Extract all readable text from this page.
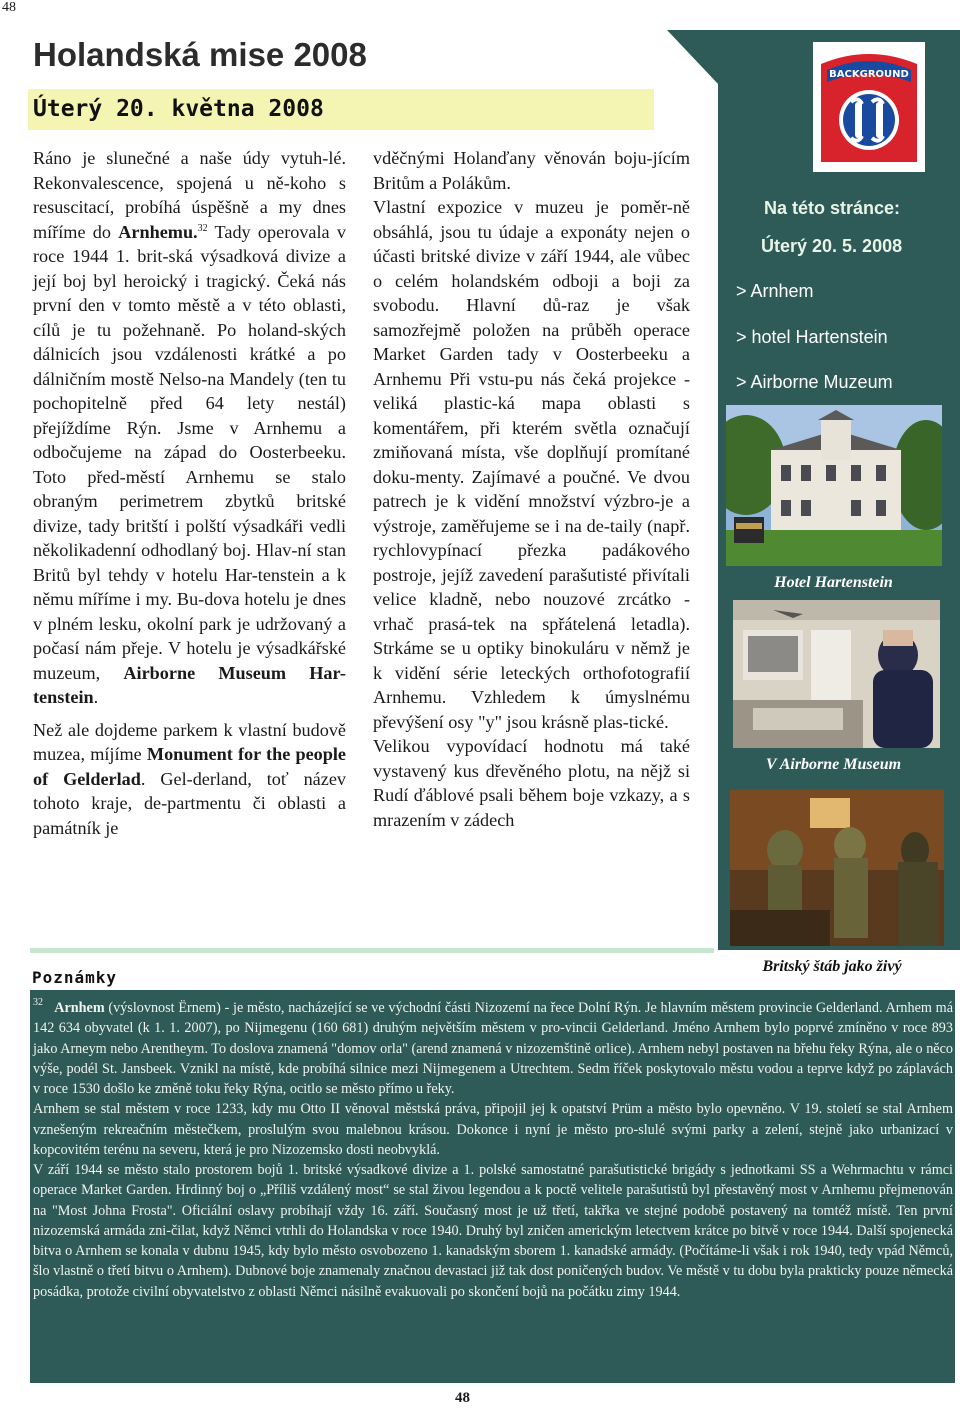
48
Holandská mise 2008
Úterý 20. května 2008

Ráno je slunečné a naše údy vytuh-lé. Rekonvalescence, spojená u ně-koho s resuscitací, probíhá úspěšně a my dnes míříme do Arnhemu.$^{32}$ Tady operovala v roce 1944 1. brit-ská výsadková divize a její boj byl heroický i tragický. Čeká nás první den v tomto městě a v této oblasti, cílů je tu požehnaně. Po holand-ských dálnicích jsou vzdálenosti krátké a po dálničním mostě Nelso-na Mandely (ten tu pochopitelně před 64 lety nestál) přejíždíme Rýn. Jsme v Arnhemu a odbočujeme na západ do Oosterbeeku. Toto před-městí Arnhemu se stalo obraným perimetrem zbytků britské divize, tady britští i polští výsadkáři vedli několikadenní odhodlaný boj. Hlav-ní stan Britů byl tehdy v hotelu Har-tenstein a k němu míříme i my. Bu-dova hotelu je dnes v plném lesku, okolní park je udržovaný a počasí nám přeje. V hotelu je výsadkářské muzeum, Airborne Museum Har-tenstein.

Než ale dojdeme parkem k vlastní budově muzea, míjíme Monument for the people of Gelderlad. Gel-derland, toť název tohoto kraje, de-partmentu či oblasti a památník je

vděčnými Holanďany věnován boju-jícím Britům a Polákům.

Vlastní expozice v muzeu je poměr-ně obsáhlá, jsou tu údaje a exponáty nejen o účasti britské divize v září 1944, ale vůbec o celém holandském odboji a boji za svobodu. Hlavní dů-raz je však samozřejmě položen na průběh operace Market Garden tady v Oosterbeeku a Arnhemu Při vstu-pu nás čeká projekce - veliká plastic-ká mapa oblasti s komentářem, při kterém světla označují zmiňovaná místa, vše doplňují promítané doku-menty. Zajímavé a poučné. Ve dvou patrech je k vidění množství výzbro-je a výstroje, zaměřujeme se i na de-taily (např. rychlovypínací přezka padákového postroje, jejíž zavedení parašutisté přivítali velice kladně, nebo nouzové zrcátko - vrhač prasá-tek na spřátelená letadla). Strkáme se u optiky binokuláru v němž je k vidění série leteckých orthofotografií Arnhemu. Vzhledem k úmyslnému převýšení osy "y" jsou krásně plas-tické.

Velikou vypovídací hodnotu má také vystavený kus dřevěného plotu, na nějž si Rudí ďáblové psali během boje vzkazy, a s mrazením v zádech

BACKGROUND
Na této stránce:
Úterý 20. 5. 2008
> Arnhem
> hotel Hartenstein
> Airborne Muzeum
Hotel Hartenstein
V Airborne Museum
Britský štáb jako živý
Poznámky

$^{32}$ Arnhem (výslovnost Ërnem) - je město, nacházející se ve východní části Nizozemí na řece Dolní Rýn. Je hlavním městem provincie Gelderland. Arnhem má 142 634 obyvatel (k 1. 1. 2007), po Nijmegenu (160 681) druhým největším městem v pro-vincii Gelderland. Jméno Arnhem bylo poprvé zmíněno v roce 893 jako Arneym nebo Arentheym. To doslova znamená "domov orla" (arend znamená v nizozemštině orlice). Arnhem nebyl postaven na břehu řeky Rýna, ale o něco výše, podél St. Jansbeek. Vznikl na místě, kde probíhá silnice mezi Nijmegenem a Utrechtem. Sedm říček poskytovalo městu vodou a teprve když po záplavách v roce 1530 došlo ke změně toku řeky Rýna, ocitlo se město přímo u řeky.

Arnhem se stal městem v roce 1233, kdy mu Otto II věnoval městská práva, připojil jej k opatství Prüm a město bylo opevněno. V 19. století se stal Arnhem vznešeným rekreačním městečkem, proslulým svou malebnou krásou. Dokonce i nyní je město pro-slulé svými parky a zelení, stejně jako urbanizací v kopcovitém terénu na severu, která je pro Nizozemsko dosti neobvyklá.

V září 1944 se město stalo prostorem bojů 1. britské výsadkové divize a 1. polské samostatné parašutistické brigády s jednotkami SS a Wehrmachtu v rámci operace Market Garden. Hrdinný boj o „Příliš vzdálený most“ se stal živou legendou a k poctě velitele parašutistů byl přestavěný most v Arnhemu přejmenován na "Most Johna Frosta". Oficiální oslavy probíhají vždy 16. září. Současný most je už třetí, takřka ve stejné podobě postavený na tomtéž místě. Ten první nizozemská armáda zni-čilat, když Němci vtrhli do Holandska v roce 1940. Druhý byl zničen americkým letectvem krátce po bitvě v roce 1944. Další spojenecká bitva o Arnhem se konala v dubnu 1945, kdy bylo město osvobozeno 1. kanadským sborem 1. kanadské armády. (Počítáme-li však i rok 1940, tedy vpád Němců, šlo vlastně o třetí bitvu o Arnhem). Dubnové boje znamenaly značnou devastaci již tak dost poničených budov. Ve městě v tu dobu byla prakticky pouze německá posádka, protože civilní obyvatelstvo z oblasti Němci násilně evakuovali po skončení bojů na počátku zimy 1944.

48
